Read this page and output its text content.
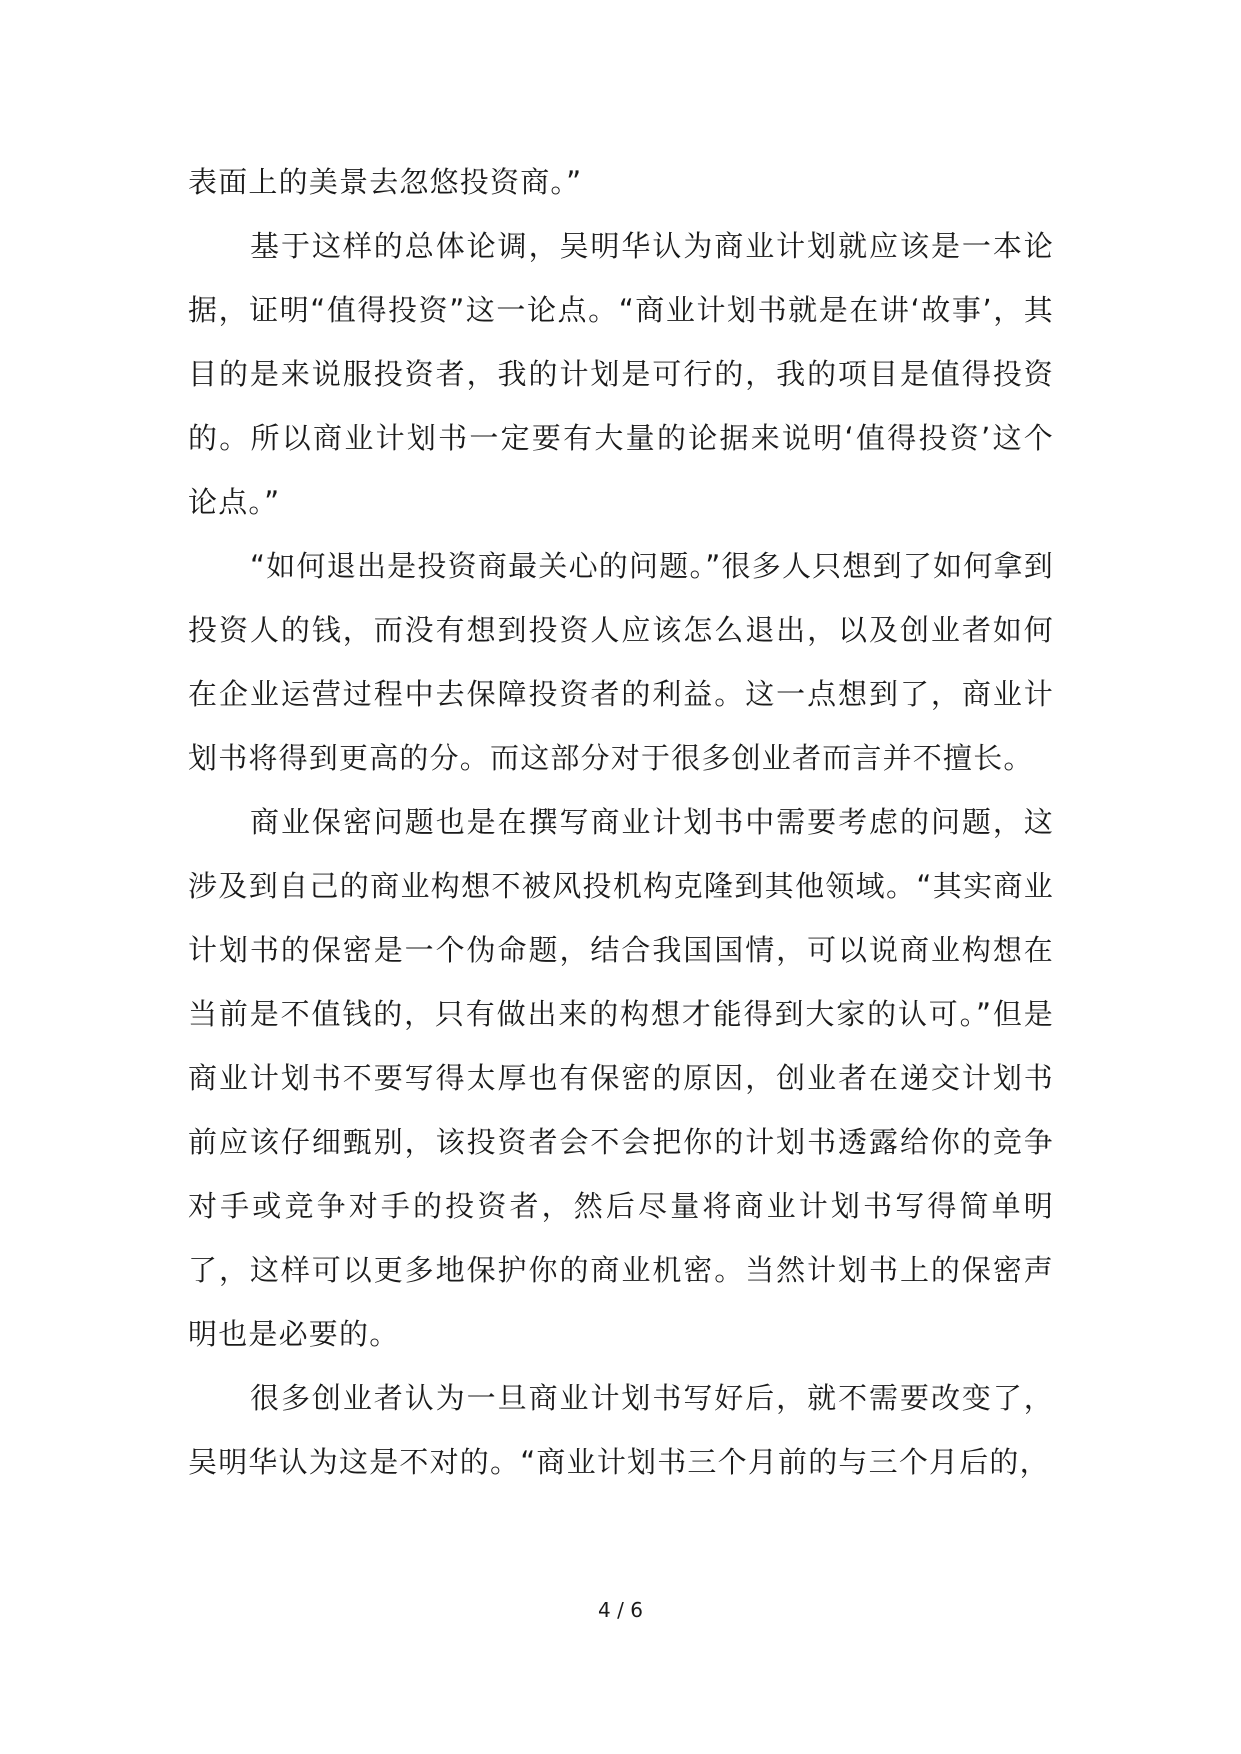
表面上的美景去忽悠投资商。”

基于这样的总体论调，吴明华认为商业计划就应该是一本论据，证明“值得投资”这一论点。“商业计划书就是在讲‘故事’，其目的是来说服投资者，我的计划是可行的，我的项目是值得投资的。所以商业计划书一定要有大量的论据来说明‘值得投资’这个论点。”

“如何退出是投资商最关心的问题。”很多人只想到了如何拿到投资人的钱，而没有想到投资人应该怎么退出，以及创业者如何在企业运营过程中去保障投资者的利益。这一点想到了，商业计划书将得到更高的分。而这部分对于很多创业者而言并不擅长。

商业保密问题也是在撰写商业计划书中需要考虑的问题，这涉及到自己的商业构想不被风投机构克隆到其他领域。“其实商业计划书的保密是一个伪命题，结合我国国情，可以说商业构想在当前是不值钱的，只有做出来的构想才能得到大家的认可。”但是商业计划书不要写得太厚也有保密的原因，创业者在递交计划书前应该仔细甄别，该投资者会不会把你的计划书透露给你的竞争对手或竞争对手的投资者，然后尽量将商业计划书写得简单明了，这样可以更多地保护你的商业机密。当然计划书上的保密声明也是必要的。

很多创业者认为一旦商业计划书写好后，就不需要改变了，吴明华认为这是不对的。“商业计划书三个月前的与三个月后的，

4 / 6
